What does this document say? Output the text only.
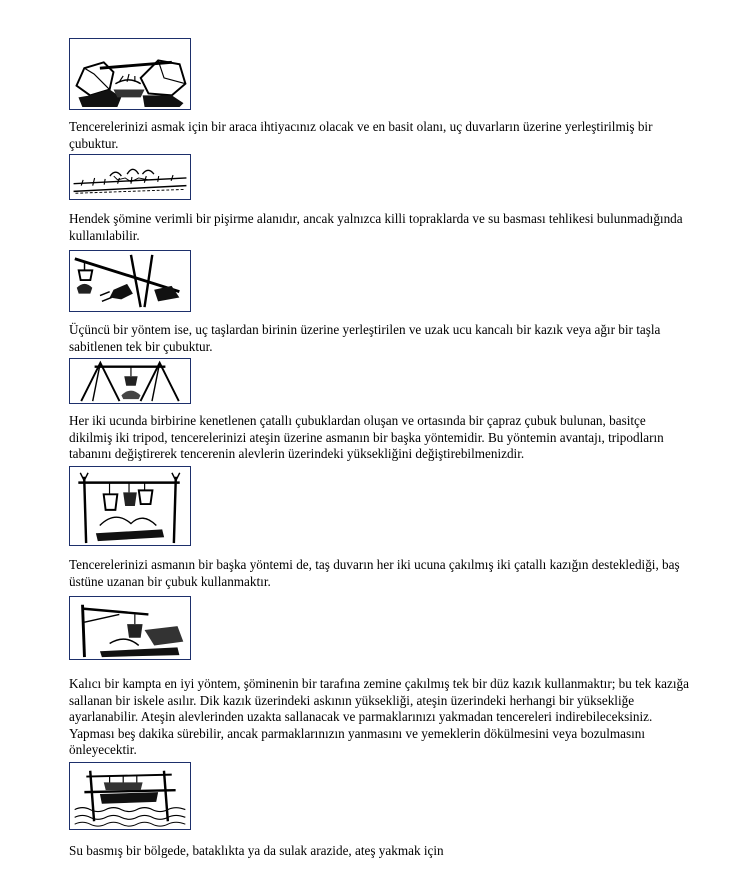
Tencerelerinizi asmak için bir araca ihtiyacınız olacak ve en basit olanı, uç duvarların üzerine yerleştirilmiş bir çubuktur.

Hendek şömine verimli bir pişirme alanıdır, ancak yalnızca killi topraklarda ve su basması tehlikesi bulunmadığında kullanılabilir.

Üçüncü bir yöntem ise, uç taşlardan birinin üzerine yerleştirilen ve uzak ucu kancalı bir kazık veya ağır bir taşla sabitlenen tek bir çubuktur.

Her iki ucunda birbirine kenetlenen çatallı çubuklardan oluşan ve ortasında bir çapraz çubuk bulunan, basitçe dikilmiş iki tripod, tencerelerinizi ateşin üzerine asmanın bir başka yöntemidir. Bu yöntemin avantajı, tripodların tabanını değiştirerek tencerenin alevlerin üzerindeki yüksekliğini değiştirebilmenizdir.

Tencerelerinizi asmanın bir başka yöntemi de, taş duvarın her iki ucuna çakılmış iki çatallı kazığın desteklediği, baş üstüne uzanan bir çubuk kullanmaktır.

Kalıcı bir kampta en iyi yöntem, şöminenin bir tarafına zemine çakılmış tek bir düz kazık kullanmaktır; bu tek kazığa sallanan bir iskele asılır. Dik kazık üzerindeki askının yüksekliği, ateşin üzerindeki herhangi bir yüksekliğe ayarlanabilir. Ateşin alevlerinden uzakta sallanacak ve parmaklarınızı yakmadan tencereleri indirebileceksiniz. Yapması beş dakika sürebilir, ancak parmaklarınızın yanmasını ve yemeklerin dökülmesini veya bozulmasını önleyecektir.

Su basmış bir bölgede, bataklıkta ya da sulak arazide, ateş yakmak için
